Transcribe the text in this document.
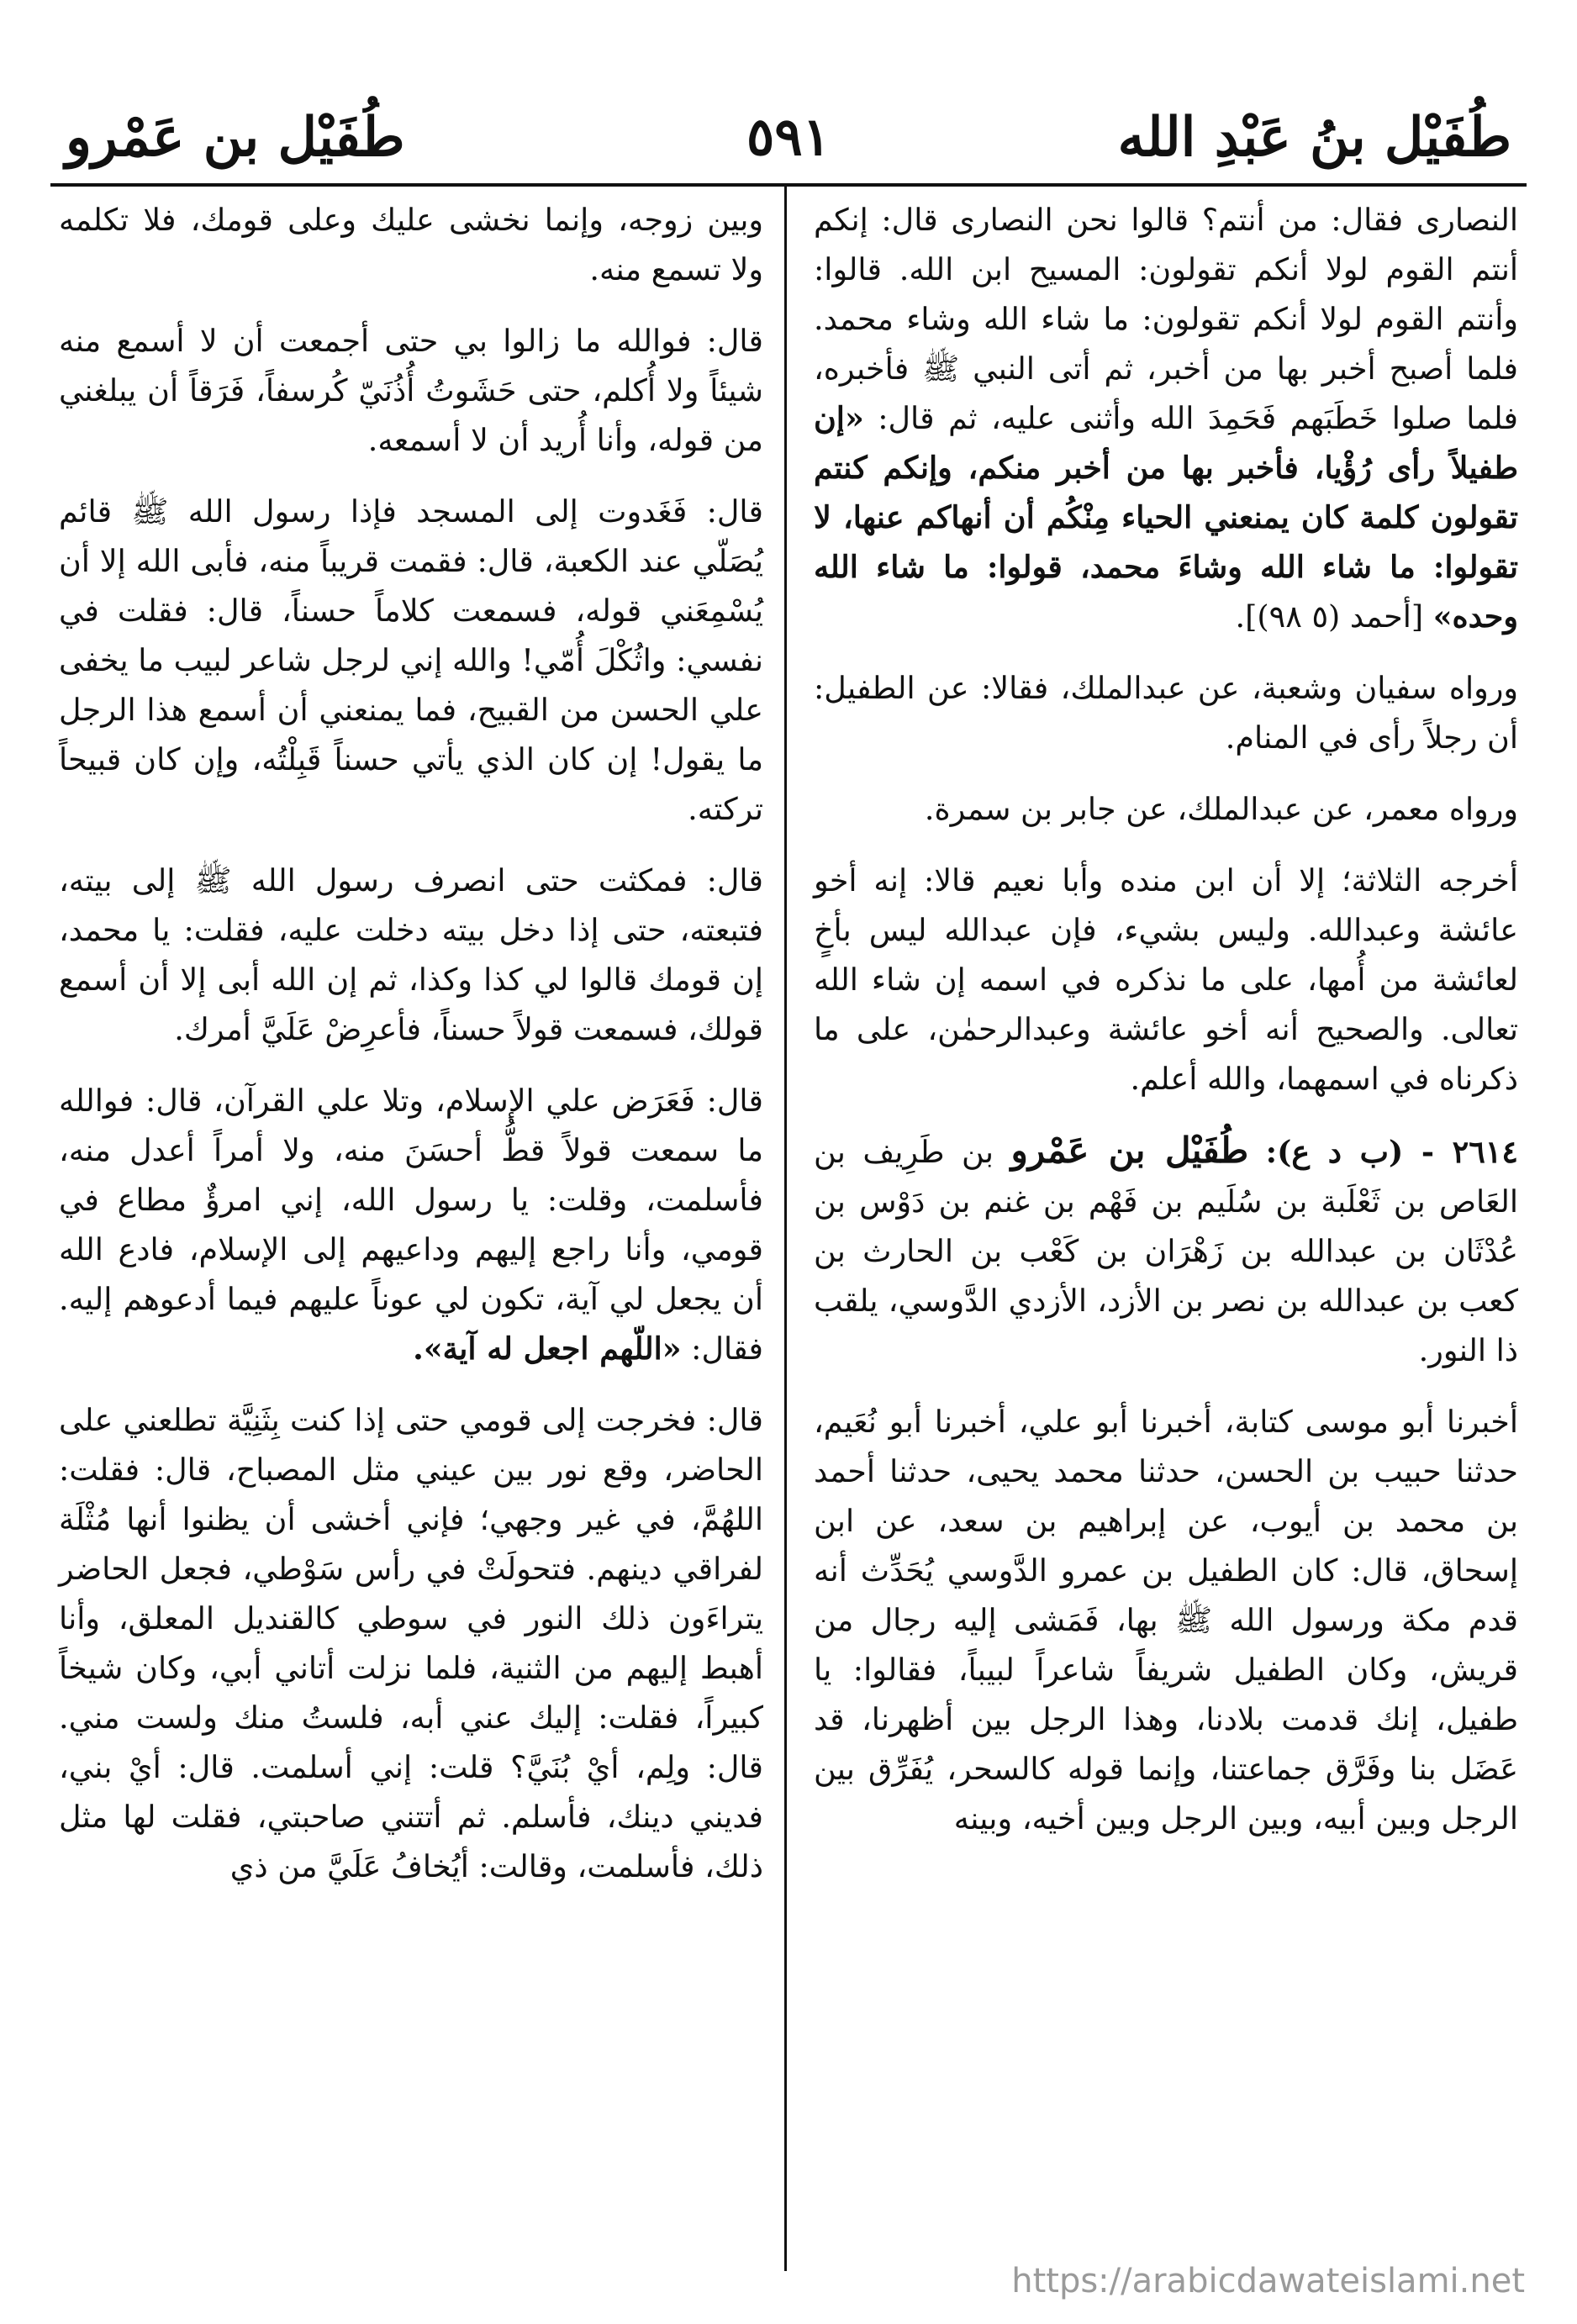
طُفَيْل بنُ عَبْدِ الله
٥٩١
طُفَيْل بن عَمْرو

النصارى فقال: من أنتم؟ قالوا نحن النصارى قال: إنكم أنتم القوم لولا أنكم تقولون: المسيح ابن الله. قالوا: وأنتم القوم لولا أنكم تقولون: ما شاء الله وشاء محمد. فلما أصبح أخبر بها من أخبر، ثم أتى النبي ﷺ فأخبره، فلما صلوا خَطَبَهم فَحَمِدَ الله وأثنى عليه، ثم قال: «إن طفيلاً رأى رُؤْيا، فأخبر بها من أخبر منكم، وإنكم كنتم تقولون كلمة كان يمنعني الحياء مِنْكُم أن أنهاكم عنها، لا تقولوا: ما شاء الله وشاءَ محمد، قولوا: ما شاء الله وحده» [أحمد (٥ ٩٨)].

ورواه سفيان وشعبة، عن عبدالملك، فقالا: عن الطفيل: أن رجلاً رأى في المنام.

ورواه معمر، عن عبدالملك، عن جابر بن سمرة.

أخرجه الثلاثة؛ إلا أن ابن منده وأبا نعيم قالا: إنه أخو عائشة وعبدالله. وليس بشيء، فإن عبدالله ليس بأخٍ لعائشة من أُمها، على ما نذكره في اسمه إن شاء الله تعالى. والصحيح أنه أخو عائشة وعبدالرحمٰن، على ما ذكرناه في اسمهما، والله أعلم.

٢٦١٤ - (ب د ع): طُفَيْل بن عَمْرو بن طَرِيف بن العَاص بن ثَعْلَبة بن سُلَيم بن فَهْم بن غنم بن دَوْس بن عُدْثَان بن عبدالله بن زَهْرَان بن كَعْب بن الحارث بن كعب بن عبدالله بن نصر بن الأزد، الأزدي الدَّوسي، يلقب ذا النور.

أخبرنا أبو موسى كتابة، أخبرنا أبو علي، أخبرنا أبو نُعَيم، حدثنا حبيب بن الحسن، حدثنا محمد يحيى، حدثنا أحمد بن محمد بن أيوب، عن إبراهيم بن سعد، عن ابن إسحاق، قال: كان الطفيل بن عمرو الدَّوسي يُحَدِّث أنه قدم مكة ورسول الله ﷺ بها، فَمَشى إليه رجال من قريش، وكان الطفيل شريفاً شاعراً لبيباً، فقالوا: يا طفيل، إنك قدمت بلادنا، وهذا الرجل بين أظهرنا، قد عَضَل بنا وفَرَّق جماعتنا، وإنما قوله كالسحر، يُفَرِّق بين الرجل وبين أبيه، وبين الرجل وبين أخيه، وبينه

وبين زوجه، وإنما نخشى عليك وعلى قومك، فلا تكلمه ولا تسمع منه.

قال: فوالله ما زالوا بي حتى أجمعت أن لا أسمع منه شيئاً ولا أُكلم، حتى حَشَوتُ أُذُنَيّ كُرسفاً، فَرَقاً أن يبلغني من قوله، وأنا أُريد أن لا أسمعه.

قال: فَغَدوت إلى المسجد فإذا رسول الله ﷺ قائم يُصَلّي عند الكعبة، قال: فقمت قريباً منه، فأبى الله إلا أن يُسْمِعَني قوله، فسمعت كلاماً حسناً، قال: فقلت في نفسي: واثُكْلَ أُمّي! والله إني لرجل شاعر لبيب ما يخفى علي الحسن من القبيح، فما يمنعني أن أسمع هذا الرجل ما يقول! إن كان الذي يأتي حسناً قَبِلْتُه، وإن كان قبيحاً تركته.

قال: فمكثت حتى انصرف رسول الله ﷺ إلى بيته، فتبعته، حتى إذا دخل بيته دخلت عليه، فقلت: يا محمد، إن قومك قالوا لي كذا وكذا، ثم إن الله أبى إلا أن أسمع قولك، فسمعت قولاً حسناً، فأعرِضْ عَلَيَّ أمرك.

قال: فَعَرَض علي الإسلام، وتلا علي القرآن، قال: فوالله ما سمعت قولاً قطُّ أحسَنَ منه، ولا أمراً أعدل منه، فأسلمت، وقلت: يا رسول الله، إني امرؤٌ مطاع في قومي، وأنا راجع إليهم وداعيهم إلى الإسلام، فادع الله أن يجعل لي آية، تكون لي عوناً عليهم فيما أدعوهم إليه. فقال: «اللّهم اجعل له آية».

قال: فخرجت إلى قومي حتى إذا كنت بِثَنِيَّة تطلعني على الحاضر، وقع نور بين عيني مثل المصباح، قال: فقلت: اللهُمَّ، في غير وجهي؛ فإني أخشى أن يظنوا أنها مُثْلَة لفراقي دينهم. فتحولَتْ في رأس سَوْطي، فجعل الحاضر يتراءَون ذلك النور في سوطي كالقنديل المعلق، وأنا أهبط إليهم من الثنية، فلما نزلت أتاني أبي، وكان شيخاً كبيراً، فقلت: إليك عني أبه، فلستُ منك ولست مني. قال: ولِم، أيْ بُنَيَّ؟ قلت: إني أسلمت. قال: أيْ بني، فديني دينك، فأسلم. ثم أتتني صاحبتي، فقلت لها مثل ذلك، فأسلمت، وقالت: أيُخافُ عَلَيَّ من ذي

https://arabicdawateislami.net
